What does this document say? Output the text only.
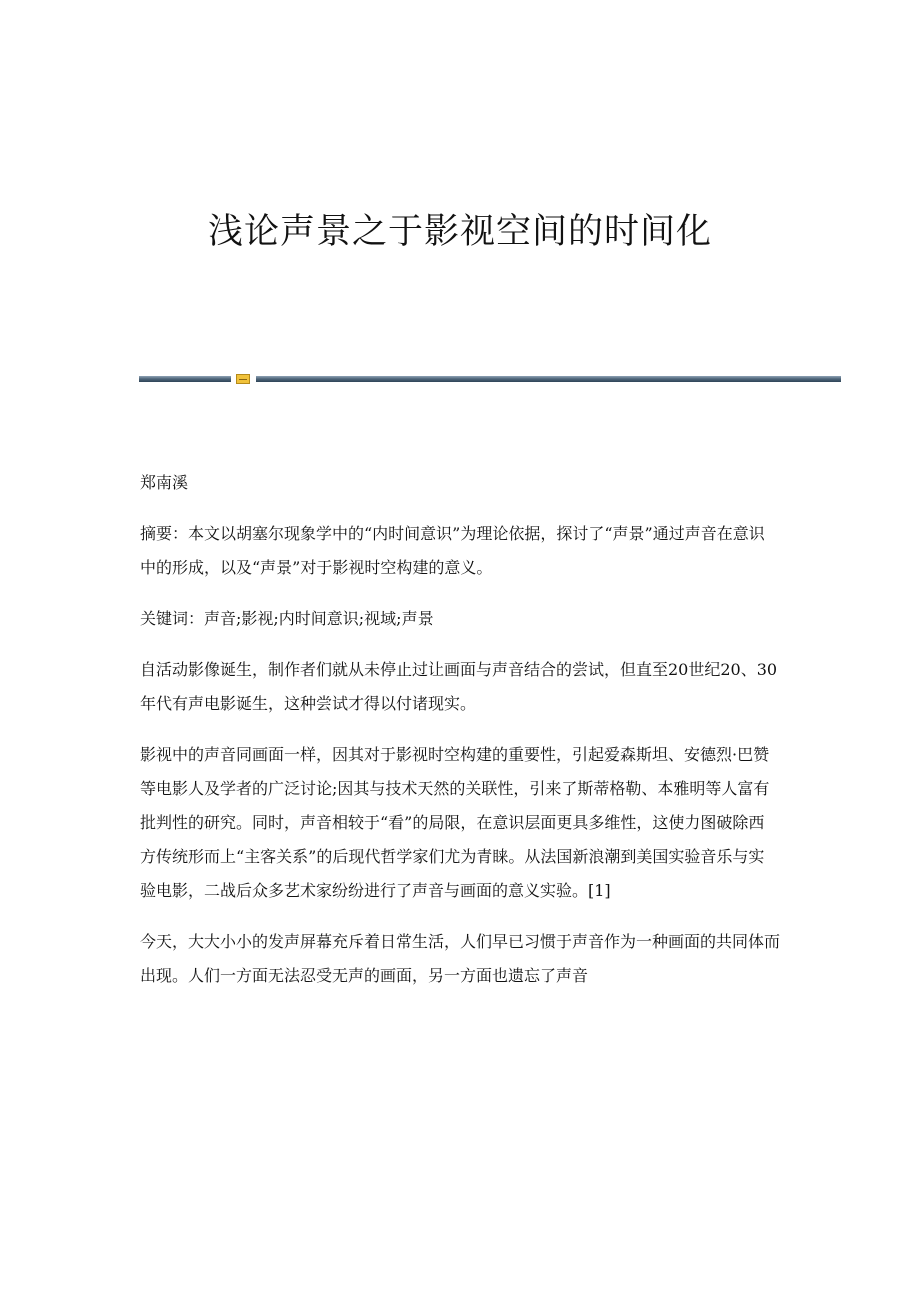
浅论声景之于影视空间的时间化

郑南溪

摘要：本文以胡塞尔现象学中的“内时间意识”为理论依据，探讨了“声景”通过声音在意识中的形成，以及“声景”对于影视时空构建的意义。

关键词：声音;影视;内时间意识;视域;声景

自活动影像诞生，制作者们就从未停止过让画面与声音结合的尝试，但直至20世纪20、30年代有声电影诞生，这种尝试才得以付诸现实。

影视中的声音同画面一样，因其对于影视时空构建的重要性，引起爱森斯坦、安德烈·巴赞等电影人及学者的广泛讨论;因其与技术天然的关联性，引来了斯蒂格勒、本雅明等人富有批判性的研究。同时，声音相较于“看”的局限，在意识层面更具多维性，这使力图破除西方传统形而上“主客关系”的后现代哲学家们尤为青睐。从法国新浪潮到美国实验音乐与实验电影，二战后众多艺术家纷纷进行了声音与画面的意义实验。[1]

今天，大大小小的发声屏幕充斥着日常生活，人们早已习惯于声音作为一种画面的共同体而出现。人们一方面无法忍受无声的画面，另一方面也遗忘了声音
